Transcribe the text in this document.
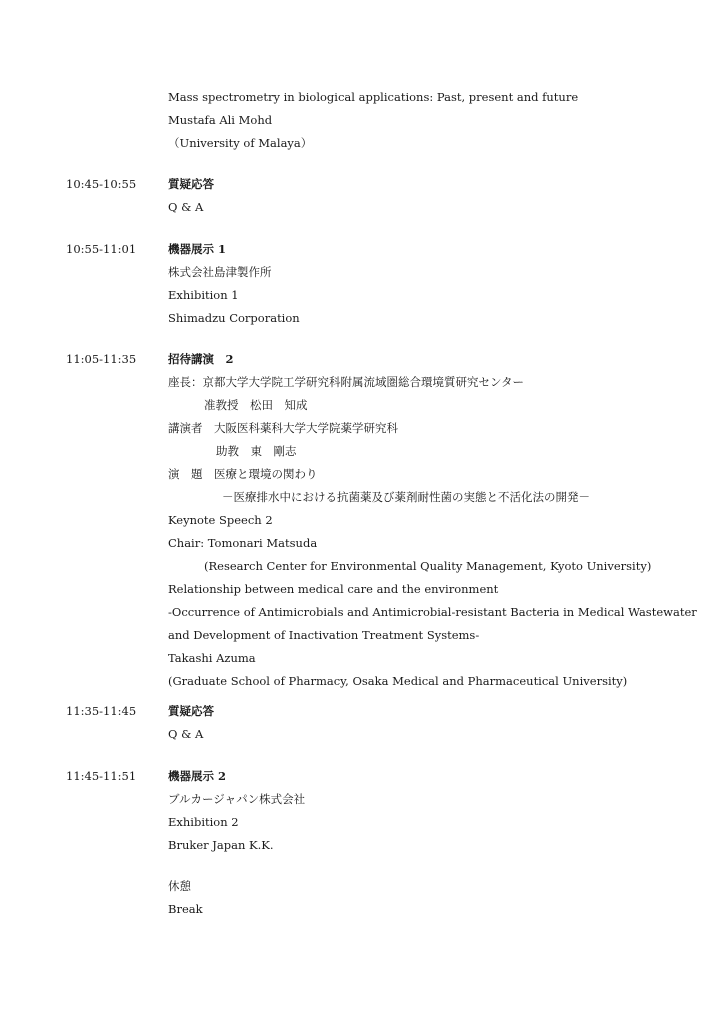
Mass spectrometry in biological applications: Past, present and future
Mustafa Ali Mohd
（University of Malaya）
10:45-10:55	質疑応答
Q & A
10:55-11:01	機器展示 1
株式会社島津製作所
Exhibition 1
Shimadzu Corporation
11:05-11:35	招待講演　2
座長：京都大学大学院工学研究科附属流域圏総合環境質研究センター
准教授　松田　知成
講演者　大阪医科薬科大学大学院薬学研究科
助教　東　剛志
演　題　医療と環境の関わり
－医療排水中における抗菌薬及び薬剤耐性菌の実態と不活化法の開発－
Keynote Speech 2
Chair: Tomonari Matsuda
(Research Center for Environmental Quality Management, Kyoto University)
Relationship between medical care and the environment
-Occurrence of Antimicrobials and Antimicrobial-resistant Bacteria in Medical Wastewater
and Development of Inactivation Treatment Systems-
Takashi Azuma
(Graduate School of Pharmacy, Osaka Medical and Pharmaceutical University)
11:35-11:45	質疑応答
Q & A
11:45-11:51	機器展示 2
ブルカージャパン株式会社
Exhibition 2
Bruker Japan K.K.
休憩
Break
